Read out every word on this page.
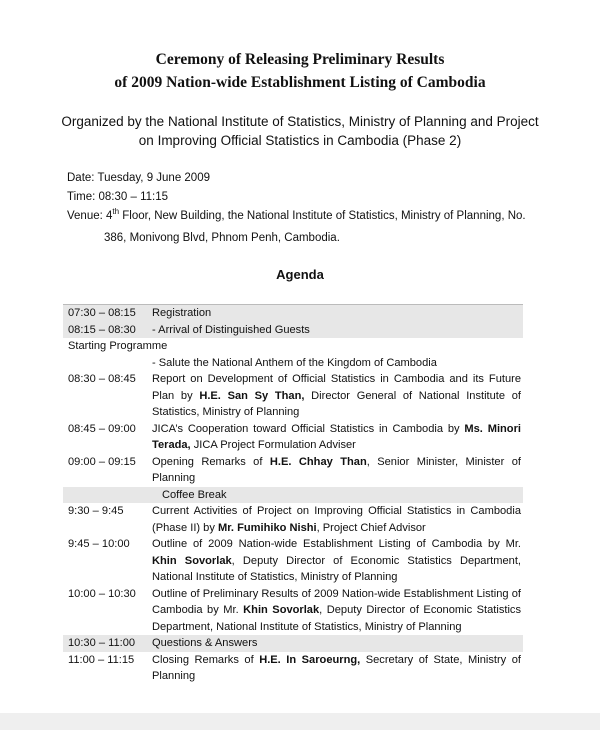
Ceremony of Releasing Preliminary Results
of 2009 Nation-wide Establishment Listing of Cambodia
Organized by the National Institute of Statistics, Ministry of Planning and Project
on Improving Official Statistics in Cambodia (Phase 2)
Date: Tuesday, 9 June 2009
Time: 08:30 – 11:15
Venue: 4th Floor, New Building, the National Institute of Statistics, Ministry of Planning, No.
386, Monivong Blvd, Phnom Penh, Cambodia.
Agenda
07:30 – 08:15	Registration
08:15 – 08:30	- Arrival of Distinguished Guests
Starting Programme	
	- Salute the National Anthem of the Kingdom of Cambodia
08:30 – 08:45	Report on Development of Official Statistics in Cambodia and its Future Plan by H.E. San Sy Than, Director General of National Institute of Statistics, Ministry of Planning
08:45 – 09:00	JICA’s Cooperation toward Official Statistics in Cambodia by Ms. Minori Terada, JICA Project Formulation Adviser
09:00 – 09:15	Opening Remarks of H.E. Chhay Than, Senior Minister, Minister of Planning
	Coffee Break
9:30 – 9:45	Current Activities of Project on Improving Official Statistics in Cambodia (Phase II) by Mr. Fumihiko Nishi, Project Chief Advisor
9:45 – 10:00	Outline of 2009 Nation-wide Establishment Listing of Cambodia by Mr. Khin Sovorlak, Deputy Director of Economic Statistics Department, National Institute of Statistics, Ministry of Planning
10:00 – 10:30	Outline of Preliminary Results of 2009 Nation-wide Establishment Listing of Cambodia by Mr. Khin Sovorlak, Deputy Director of Economic Statistics Department, National Institute of Statistics, Ministry of Planning
10:30 – 11:00	Questions & Answers
11:00 – 11:15	Closing Remarks of H.E. In Saroeurng, Secretary of State, Ministry of Planning
